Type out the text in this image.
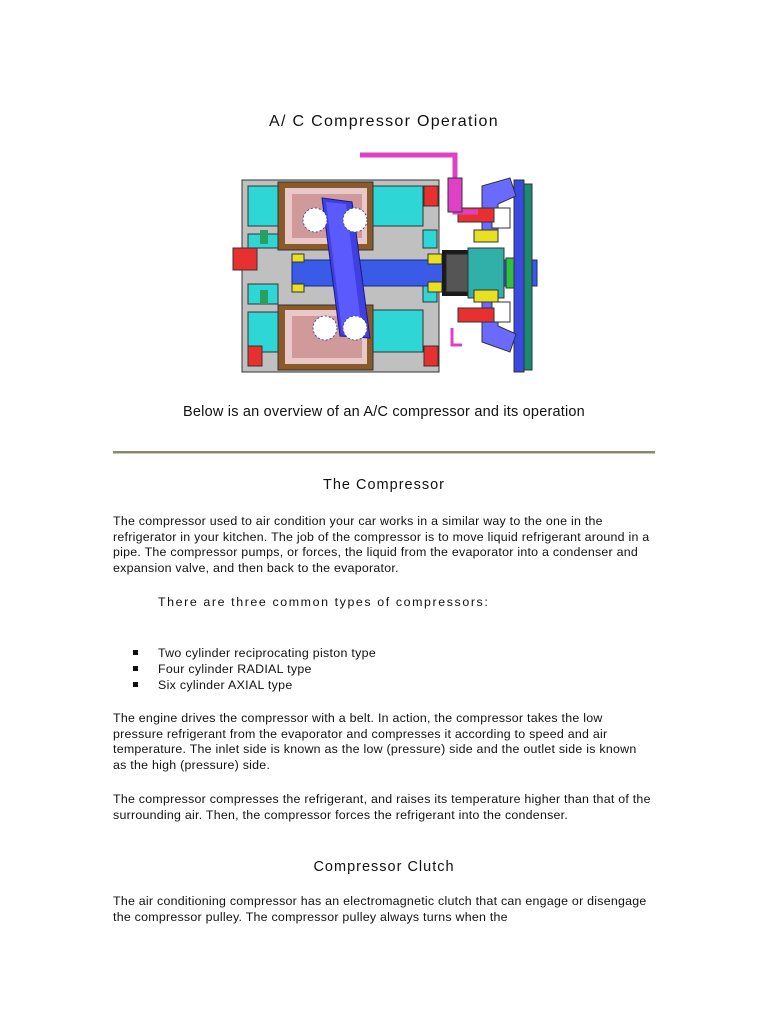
A/ C Compressor Operation
Below is an overview of an A/C compressor and its operation
The Compressor

The compressor used to air condition your car works in a similar way to the one in the refrigerator in your kitchen. The job of the compressor is to move liquid refrigerant around in a pipe. The compressor pumps, or forces, the liquid from the evaporator into a condenser and expansion valve, and then back to the evaporator.

There are three common types of compressors:
Two cylinder reciprocating piston type
Four cylinder RADIAL type
Six cylinder AXIAL type

The engine drives the compressor with a belt. In action, the compressor takes the low pressure refrigerant from the evaporator and compresses it according to speed and air temperature. The inlet side is known as the low (pressure) side and the outlet side is known as the high (pressure) side.

The compressor compresses the refrigerant, and raises its temperature higher than that of the surrounding air. Then, the compressor forces the refrigerant into the condenser.

Compressor Clutch

The air conditioning compressor has an electromagnetic clutch that can engage or disengage the compressor pulley. The compressor pulley always turns when the
